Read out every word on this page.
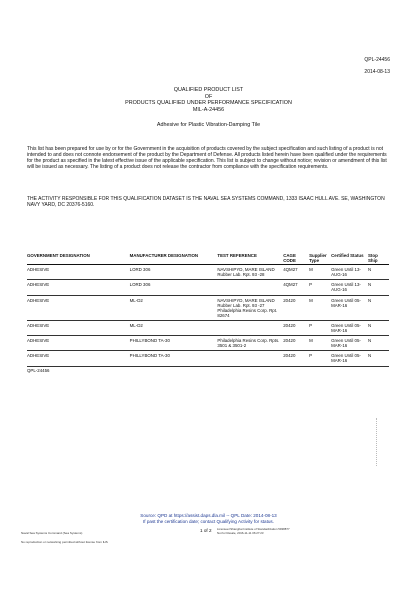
QPL-24456
2014-08-13
QUALIFIED PRODUCT LIST
OF
PRODUCTS QUALIFIED UNDER PERFORMANCE SPECIFICATION
MIL-A-24456
Adhesive for Plastic Vibration-Damping Tile
This list has been prepared for use by or for the Government in the acquisition of products covered by the subject specification and such listing of a product is not intended to and does not connote endorsement of the product by the Department of Defense. All products listed herein have been qualified under the requirements for the product as specified in the latest effective issue of the applicable specification. This list is subject to change without notice; revision or amendment of this list will be issued as necessary. The listing of a product does not release the contractor from compliance with the specification requirements.
THE ACTIVITY RESPONSIBLE FOR THIS QUALIFICATION DATASET IS THE NAVAL SEA SYSTEMS COMMAND, 1333 ISAAC HULL AVE. SE, WASHINGTON NAVY YARD, DC 20376-5160.
GOVERNMENT DESIGNATION	MANUFACTURER DESIGNATION	TEST REFERENCE	CAGE CODE	Supplier Type	Certified Status	Stop Ship
ADHESIVE	LORD 306	NAVSHIPYD, MARE ISLAND Rubber Lab. Rpt. 93 -28	4QM27	M	Green Until 13-AUG-16	N
ADHESIVE	LORD 306		4QM27	P	Green Until 13-AUG-16	N
ADHESIVE	ML-D2	NAVSHIPYD, MARE ISLAND Rubber Lab. Rpt. 93 -27 Philadelphia Resins Corp. Rpt. 82674	20420	M	Green Until 05-MAR-16	N
ADHESIVE	ML-D2		20420	P	Green Until 05-MAR-16	N
ADHESIVE	PHILLYBOND TA-30	Philadelphia Resins Corp. Rpts. 3501 & 3501-2	20420	M	Green Until 05-MAR-16	N
ADHESIVE	PHILLYBOND TA-30		20420	P	Green Until 05-MAR-16	N
QPL-24456
Source: QPD at https://assist.daps.dla.mil -- QPL Date: 2014-08-13
If past the certification date; contact Qualifying Activity for status.
1 of 2
Naval Sea Systems Command (Sea Systems)
No reproduction or networking permitted without license from IHS
Licensee=Shanghai Institute of Standardization 5938877
Not for Resale, 2016-11-11 06:27:23
